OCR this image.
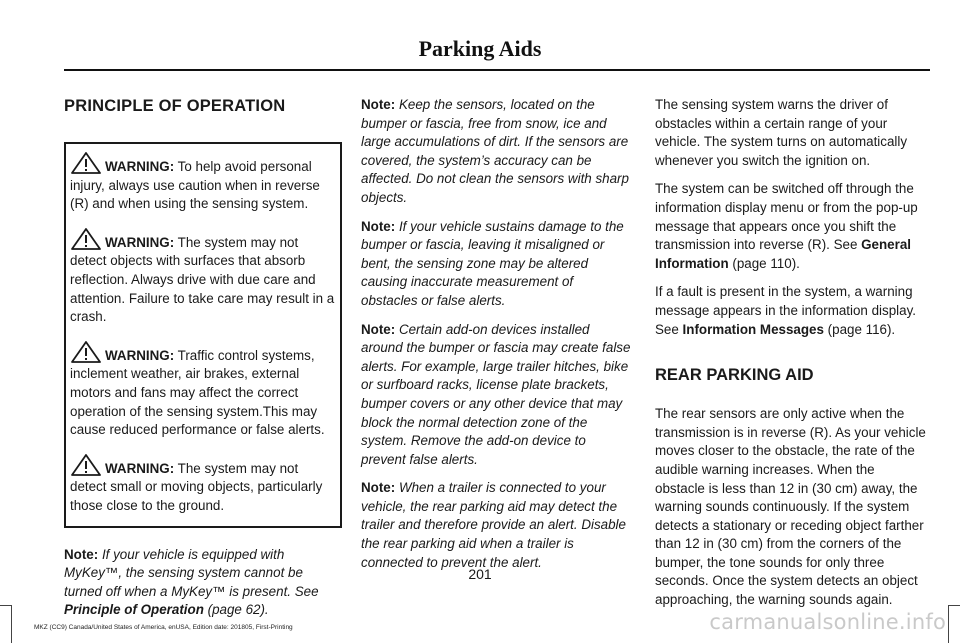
Parking Aids
PRINCIPLE OF OPERATION
WARNING: To help avoid personal injury, always use caution when in reverse (R) and when using the sensing system.
WARNING: The system may not detect objects with surfaces that absorb reflection. Always drive with due care and attention. Failure to take care may result in a crash.
WARNING: Traffic control systems, inclement weather, air brakes, external motors and fans may affect the correct operation of the sensing system.This may cause reduced performance or false alerts.
WARNING: The system may not detect small or moving objects, particularly those close to the ground.

Note: If your vehicle is equipped with MyKey™, the sensing system cannot be turned off when a MyKey™ is present. See Principle of Operation (page 62).

Note: Keep the sensors, located on the bumper or fascia, free from snow, ice and large accumulations of dirt. If the sensors are covered, the system’s accuracy can be affected. Do not clean the sensors with sharp objects.

Note: If your vehicle sustains damage to the bumper or fascia, leaving it misaligned or bent, the sensing zone may be altered causing inaccurate measurement of obstacles or false alerts.

Note: Certain add-on devices installed around the bumper or fascia may create false alerts. For example, large trailer hitches, bike or surfboard racks, license plate brackets, bumper covers or any other device that may block the normal detection zone of the system. Remove the add-on device to prevent false alerts.

Note: When a trailer is connected to your vehicle, the rear parking aid may detect the trailer and therefore provide an alert. Disable the rear parking aid when a trailer is connected to prevent the alert.

The sensing system warns the driver of obstacles within a certain range of your vehicle. The system turns on automatically whenever you switch the ignition on.

The system can be switched off through the information display menu or from the pop-up message that appears once you shift the transmission into reverse (R). See General Information (page 110).

If a fault is present in the system, a warning message appears in the information display. See Information Messages (page 116).

REAR PARKING AID

The rear sensors are only active when the transmission is in reverse (R). As your vehicle moves closer to the obstacle, the rate of the audible warning increases. When the obstacle is less than 12 in (30 cm) away, the warning sounds continuously. If the system detects a stationary or receding object farther than 12 in (30 cm) from the corners of the bumper, the tone sounds for only three seconds. Once the system detects an object approaching, the warning sounds again.

201
MKZ (CC9) Canada/United States of America, enUSA, Edition date: 201805, First-Printing	carmanualsonline.info
